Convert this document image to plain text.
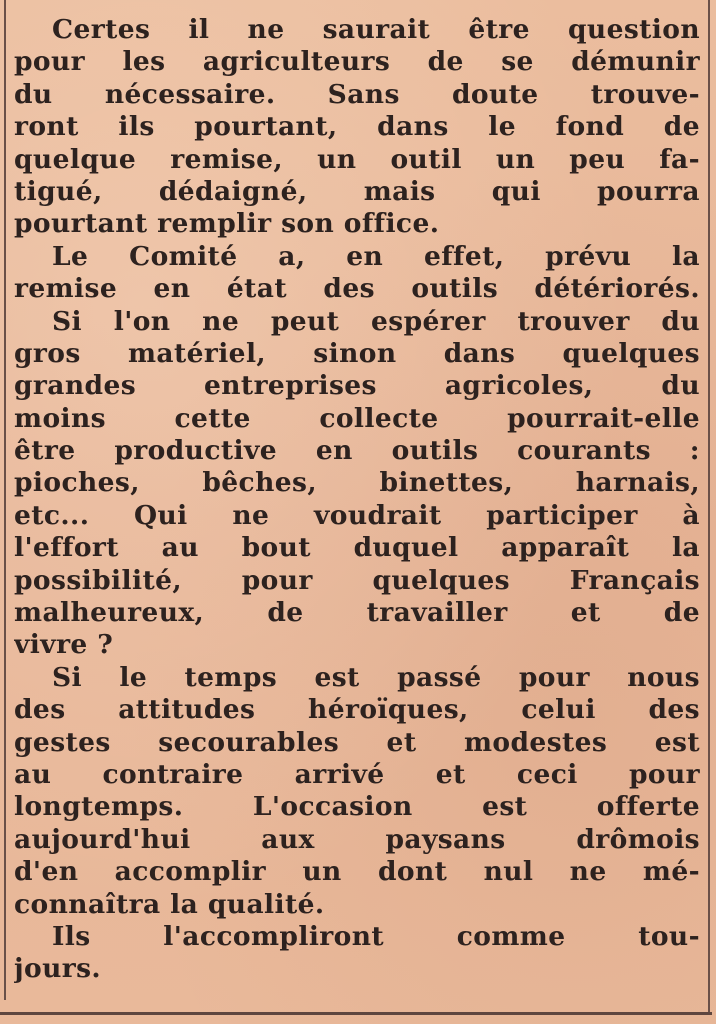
Certes il ne saurait être question
pour les agriculteurs de se démunir
du nécessaire. Sans doute trouve-
ront ils pourtant, dans le fond de
quelque remise, un outil un peu fa-
tigué, dédaigné, mais qui pourra
pourtant remplir son office.
Le Comité a, en effet, prévu la
remise en état des outils détériorés.
Si l'on ne peut espérer trouver du
gros matériel, sinon dans quelques
grandes entreprises agricoles, du
moins cette collecte pourrait-elle
être productive en outils courants :
pioches, bêches, binettes, harnais,
etc... Qui ne voudrait participer à
l'effort au bout duquel apparaît la
possibilité, pour quelques Français
malheureux, de travailler et de
vivre ?
Si le temps est passé pour nous
des attitudes héroïques, celui des
gestes secourables et modestes est
au contraire arrivé et ceci pour
longtemps. L'occasion est offerte
aujourd'hui aux paysans drômois
d'en accomplir un dont nul ne mé-
connaîtra la qualité.
Ils l'accompliront comme tou-
jours.
